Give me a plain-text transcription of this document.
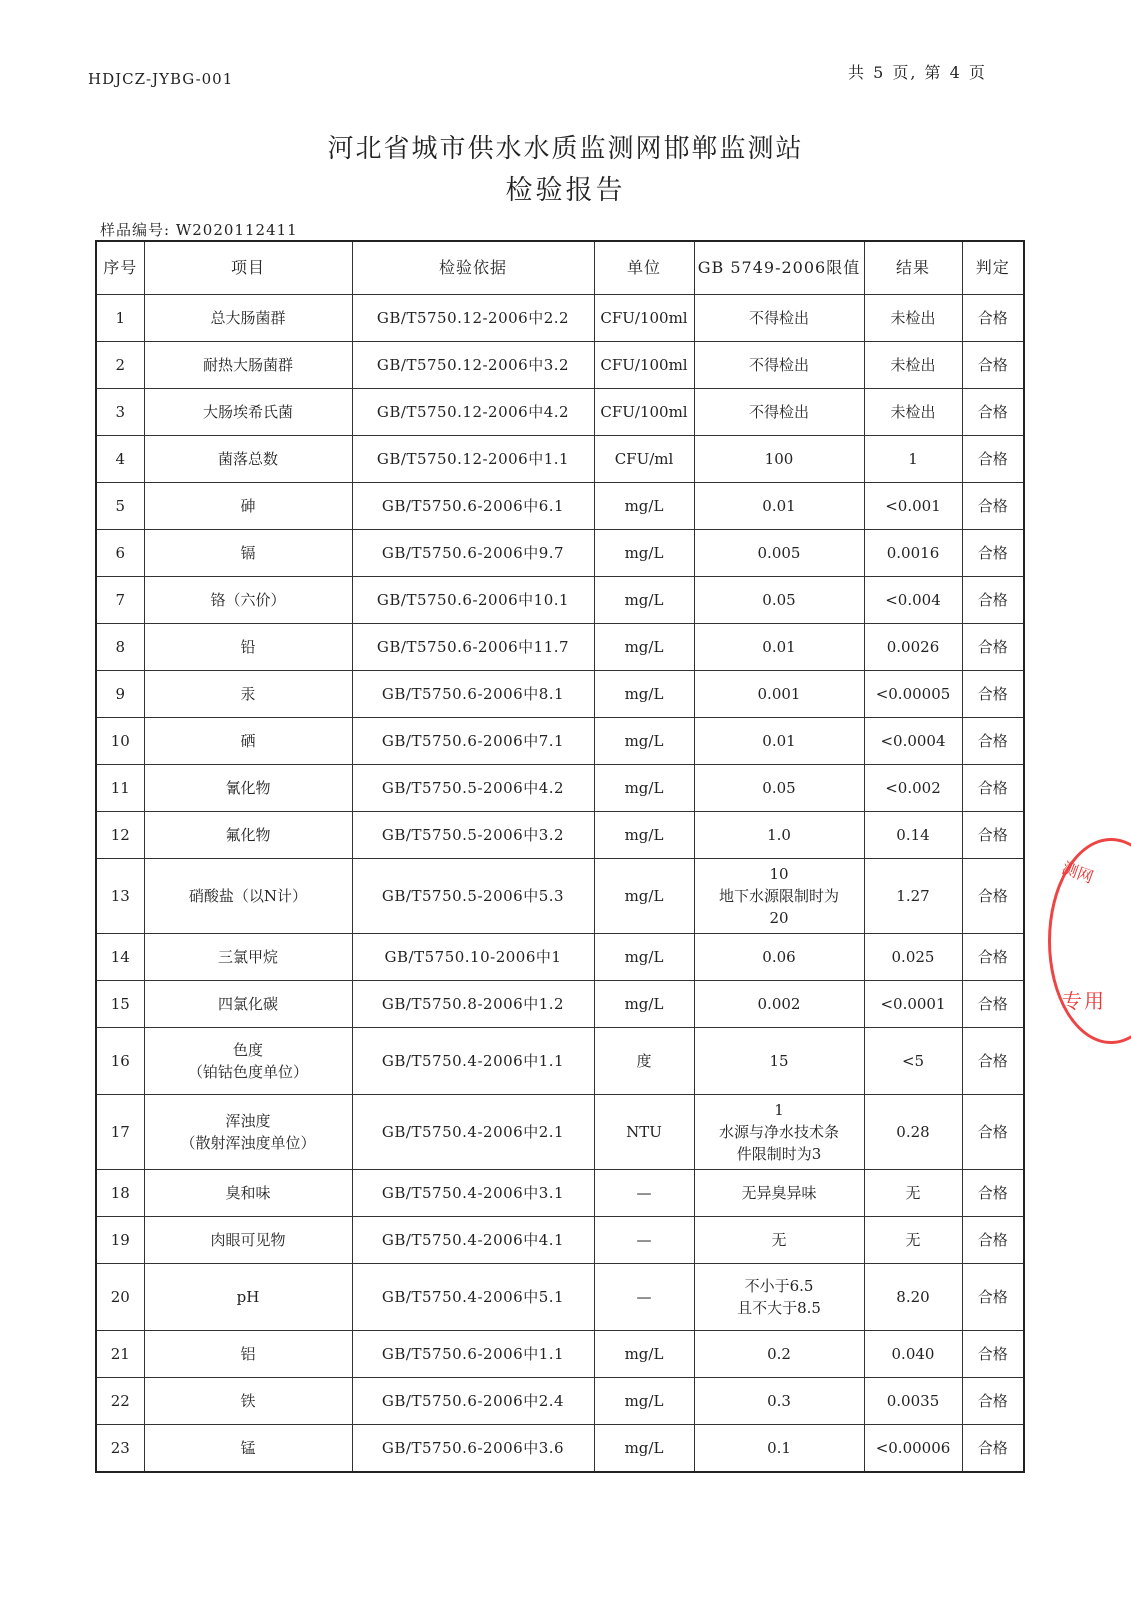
HDJCZ-JYBG-001	共 5 页, 第 4 页
河北省城市供水水质监测网邯郸监测站
检验报告
样品编号: W2020112411
序号	项目	检验依据	单位	GB 5749-2006限值	结果	判定
1	总大肠菌群	GB/T5750.12-2006中2.2	CFU/100ml	不得检出	未检出	合格
2	耐热大肠菌群	GB/T5750.12-2006中3.2	CFU/100ml	不得检出	未检出	合格
3	大肠埃希氏菌	GB/T5750.12-2006中4.2	CFU/100ml	不得检出	未检出	合格
4	菌落总数	GB/T5750.12-2006中1.1	CFU/ml	100	1	合格
5	砷	GB/T5750.6-2006中6.1	mg/L	0.01	<0.001	合格
6	镉	GB/T5750.6-2006中9.7	mg/L	0.005	0.0016	合格
7	铬（六价）	GB/T5750.6-2006中10.1	mg/L	0.05	<0.004	合格
8	铅	GB/T5750.6-2006中11.7	mg/L	0.01	0.0026	合格
9	汞	GB/T5750.6-2006中8.1	mg/L	0.001	<0.00005	合格
10	硒	GB/T5750.6-2006中7.1	mg/L	0.01	<0.0004	合格
11	氰化物	GB/T5750.5-2006中4.2	mg/L	0.05	<0.002	合格
12	氟化物	GB/T5750.5-2006中3.2	mg/L	1.0	0.14	合格
13	硝酸盐（以N计）	GB/T5750.5-2006中5.3	mg/L	10
地下水源限制时为
20	1.27	合格
14	三氯甲烷	GB/T5750.10-2006中1	mg/L	0.06	0.025	合格
15	四氯化碳	GB/T5750.8-2006中1.2	mg/L	0.002	<0.0001	合格
16	色度
（铂钴色度单位）	GB/T5750.4-2006中1.1	度	15	<5	合格
17	浑浊度
（散射浑浊度单位）	GB/T5750.4-2006中2.1	NTU	1
水源与净水技术条
件限制时为3	0.28	合格
18	臭和味	GB/T5750.4-2006中3.1	—	无异臭异味	无	合格
19	肉眼可见物	GB/T5750.4-2006中4.1	—	无	无	合格
20	pH	GB/T5750.4-2006中5.1	—	不小于6.5
且不大于8.5	8.20	合格
21	铝	GB/T5750.6-2006中1.1	mg/L	0.2	0.040	合格
22	铁	GB/T5750.6-2006中2.4	mg/L	0.3	0.0035	合格
23	锰	GB/T5750.6-2006中3.6	mg/L	0.1	<0.00006	合格
测网
专用
